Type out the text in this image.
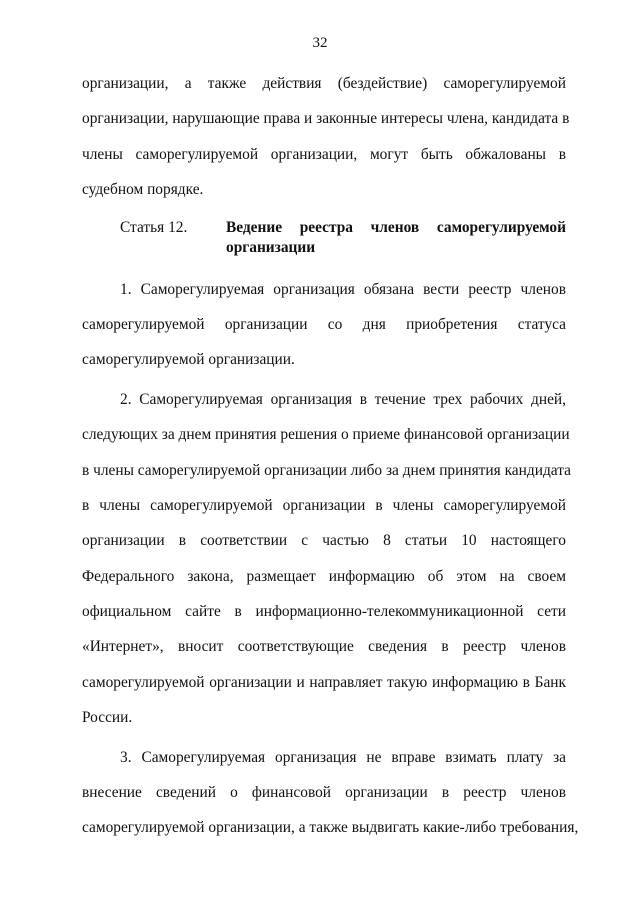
32
организации, а также действия (бездействие) саморегулируемой
организации, нарушающие права и законные интересы члена, кандидата в
члены саморегулируемой организации, могут быть обжалованы в
судебном порядке.
Статья 12.	Ведение реестра членов саморегулируемой
организации
1. Саморегулируемая организация обязана вести реестр членов
саморегулируемой организации со дня приобретения статуса
саморегулируемой организации.
2. Саморегулируемая организация в течение трех рабочих дней,
следующих за днем принятия решения о приеме финансовой организации
в члены саморегулируемой организации либо за днем принятия кандидата
в члены саморегулируемой организации в члены саморегулируемой
организации в соответствии с частью 8 статьи 10 настоящего
Федерального закона, размещает информацию об этом на своем
официальном сайте в информационно-телекоммуникационной сети
«Интернет», вносит соответствующие сведения в реестр членов
саморегулируемой организации и направляет такую информацию в Банк
России.
3. Саморегулируемая организация не вправе взимать плату за
внесение сведений о финансовой организации в реестр членов
саморегулируемой организации, а также выдвигать какие-либо требования,
